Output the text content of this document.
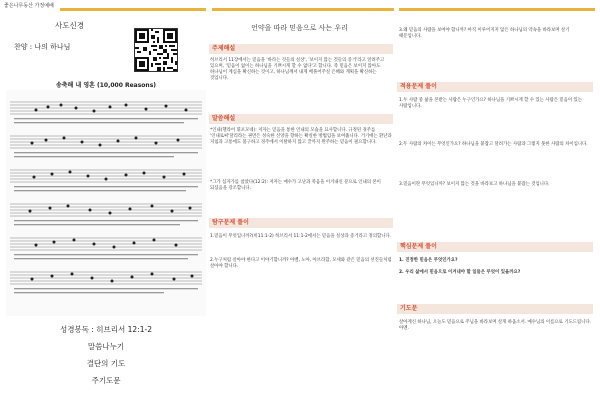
좋은나무동산 가정예배
사도신경
찬양 : 나의 하나님
송축해 내 영혼 (10,000 Reasons)
성경봉독 : 히브리서 12:1-2
말씀나누기
결단의 기도
주기도문
언약을 따라 믿음으로 사는 우리
주제해설
히브리서 11장에서는 믿음을 '바라는 것들의 실상', '보이지 않는 것들의 증거'라고 알려주고 있으며, '믿음이 없이는 하나님을 기쁘시게 할 수 없다'고 합니다. 즉 믿음은 보이지 않아도 하나님이 계심을 확신하는 것이고, 하나님께서 내게 베풀어주실 은혜와 계획을 확신하는 것입니다.
말씀해설
*인내(헬라어 휘포모네): 저자는 믿음을 통한 인내의 모습을 묘사합니다. 규정된 경주를 '인내로써'달리라는 권면은 성숙한 신앙을 향하는 확실한 방법임을 보여줍니다. 거기에는 환난과 지침과 고통에도 불구하고 경주에서 이탈하지 않고 끝까지 완주하는 믿음이 필요합니다.
*그가 십자가를 참았다(12:2): 저자는 예수가 고난과 죽음을 이겨내신 분으로 인내의 본이 되셨음을 강조합니다.
탐구문제 풀이
1.믿음이 무엇입니까?(히11:1-2) 히브리서 11:1-2에서는 믿음을 실상과 증거라고 정의합니다.
2.누구처럼 살아야 한다고 이야기합니까? 아벨, 노아, 아브라함, 모세와 같은 믿음의 선진들처럼 살아야 합니다.
3.왜 믿음의 사람을 보여야 합니까? 아직 이루어지지 않은 하나님의 약속을 바라보며 살기 때문입니다.
적용문제 풀이
1.두 사람 중 삶을 본받는 사람은 누구인가요? 하나님을 기쁘시게 할 수 있는 사람은 믿음이 있는 사람입니다.
2.두 사람의 차이는 무엇인가요? 하나님을 붙잡고 달려가는 사람과 그렇지 못한 사람의 차이입니다.
3.믿음이란 무엇입니까? 보이지 않는 것을 바라보고 하나님을 붙잡는 것입니다.
핵심문제 풀이
1. 진정한 믿음은 무엇인가요?
2. 우리 삶에서 믿음으로 이겨내야 할 일들은 무엇이 있을까요?
기도문
살아계신 하나님, 오늘도 믿음으로 주님을 바라보며 살게 하옵소서. 예수님의 이름으로 기도드립니다. 아멘.
